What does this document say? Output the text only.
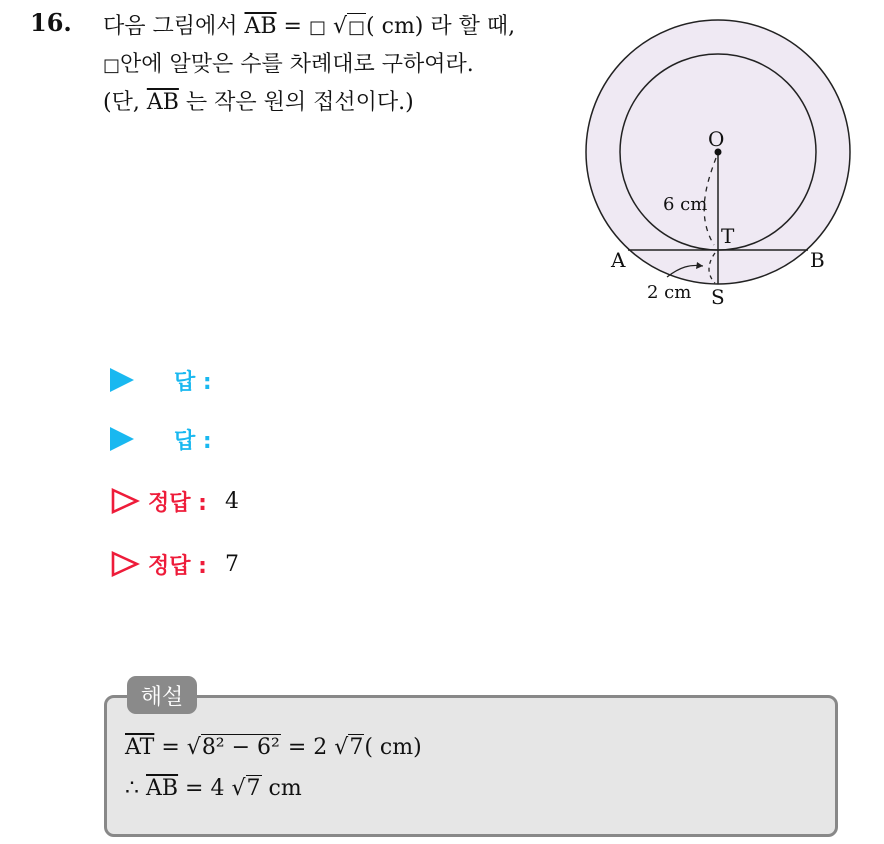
16. 다음 그림에서 $\overline{AB}$ = □ √□( cm) 라 할 때,
□안에 알맞은 수를 차례대로 구하여라.
(단, $\overline{AB}$ 는 작은 원의 접선이다.)
O
A	B
T
S
6 cm
2 cm
답 :
답 :
정답 : 4
정답 : 7
해설
$\overline{AT} = √8^2 - 6^2 = 2$ √7( cm)
∴ $\overline{AB} = 4$ √7 cm
